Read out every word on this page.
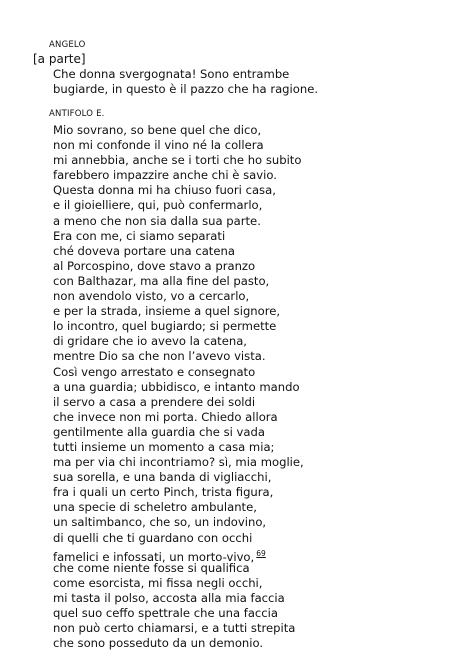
ANGELO
[a parte]
Che donna svergognata! Sono entrambe
bugiarde, in questo è il pazzo che ha ragione.
ANTIFOLO E.
Mio sovrano, so bene quel che dico,
non mi confonde il vino né la collera
mi annebbia, anche se i torti che ho subito
farebbero impazzire anche chi è savio.
Questa donna mi ha chiuso fuori casa,
e il gioielliere, qui, può confermarlo,
a meno che non sia dalla sua parte.
Era con me, ci siamo separati
ché doveva portare una catena
al Porcospino, dove stavo a pranzo
con Balthazar, ma alla fine del pasto,
non avendolo visto, vo a cercarlo,
e per la strada, insieme a quel signore,
lo incontro, quel bugiardo; si permette
di gridare che io avevo la catena,
mentre Dio sa che non l’avevo vista.
Così vengo arrestato e consegnato
a una guardia; ubbidisco, e intanto mando
il servo a casa a prendere dei soldi
che invece non mi porta. Chiedo allora
gentilmente alla guardia che si vada
tutti insieme un momento a casa mia;
ma per via chi incontriamo? sì, mia moglie,
sua sorella, e una banda di vigliacchi,
fra i quali un certo Pinch, trista figura,
una specie di scheletro ambulante,
un saltimbanco, che so, un indovino,
di quelli che ti guardano con occhi
famelici e infossati, un morto-vivo, $^{69}$
che come niente fosse si qualifica
come esorcista, mi fissa negli occhi,
mi tasta il polso, accosta alla mia faccia
quel suo ceffo spettrale che una faccia
non può certo chiamarsi, e a tutti strepita
che sono posseduto da un demonio.
